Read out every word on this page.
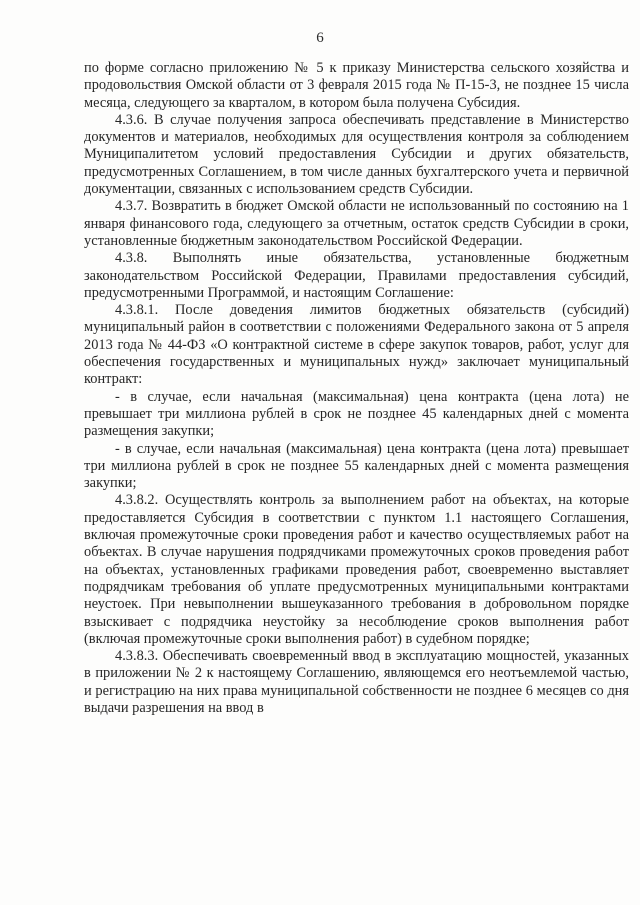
6

по форме согласно приложению № 5 к приказу Министерства сельского хозяйства и продовольствия Омской области от 3 февраля 2015 года № П-15-3, не позднее 15 числа месяца, следующего за кварталом, в котором была получена Субсидия.

4.3.6. В случае получения запроса обеспечивать представление в Министерство документов и материалов, необходимых для осуществления контроля за соблюдением Муниципалитетом условий предоставления Субсидии и других обязательств, предусмотренных Соглашением, в том числе данных бухгалтерского учета и первичной документации, связанных с использованием средств Субсидии.

4.3.7. Возвратить в бюджет Омской области не использованный по состоянию на 1 января финансового года, следующего за отчетным, остаток средств Субсидии в сроки, установленные бюджетным законодательством Российской Федерации.

4.3.8. Выполнять иные обязательства, установленные бюджетным законодательством Российской Федерации, Правилами предоставления субсидий, предусмотренными Программой, и настоящим Соглашение:

4.3.8.1. После доведения лимитов бюджетных обязательств (субсидий) муниципальный район в соответствии с положениями Федерального закона от 5 апреля 2013 года № 44-ФЗ «О контрактной системе в сфере закупок товаров, работ, услуг для обеспечения государственных и муниципальных нужд» заключает муниципальный контракт:

- в случае, если начальная (максимальная) цена контракта (цена лота) не превышает три миллиона рублей в срок не позднее 45 календарных дней с момента размещения закупки;

- в случае, если начальная (максимальная) цена контракта (цена лота) превышает три миллиона рублей в срок не позднее 55 календарных дней с момента размещения закупки;

4.3.8.2. Осуществлять контроль за выполнением работ на объектах, на которые предоставляется Субсидия в соответствии с пунктом 1.1 настоящего Соглашения, включая промежуточные сроки проведения работ и качество осуществляемых работ на объектах. В случае нарушения подрядчиками промежуточных сроков проведения работ на объектах, установленных графиками проведения работ, своевременно выставляет подрядчикам требования об уплате предусмотренных муниципальными контрактами неустоек. При невыполнении вышеуказанного требования в добровольном порядке взыскивает с подрядчика неустойку за несоблюдение сроков выполнения работ (включая промежуточные сроки выполнения работ) в судебном порядке;

4.3.8.3. Обеспечивать своевременный ввод в эксплуатацию мощностей, указанных в приложении № 2 к настоящему Соглашению, являющемся его неотъемлемой частью, и регистрацию на них права муниципальной собственности не позднее 6 месяцев со дня выдачи разрешения на ввод в
